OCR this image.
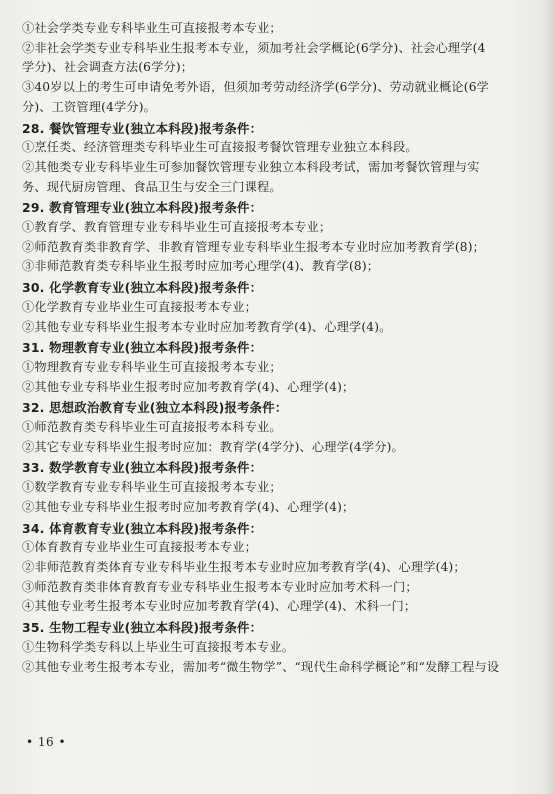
①社会学类专业专科毕业生可直接报考本专业；

②非社会学类专业专科毕业生报考本专业，须加考社会学概论(6学分)、社会心理学(4

学分)、社会调查方法(6学分)；

③40岁以上的考生可申请免考外语，但须加考劳动经济学(6学分)、劳动就业概论(6学

分)、工资管理(4学分)。

28. 餐饮管理专业(独立本科段)报考条件：

①烹任类、经济管理类专科毕业生可直接报考餐饮管理专业独立本科段。

②其他类专业专科毕业生可参加餐饮管理专业独立本科段考试，需加考餐饮管理与实

务、现代厨房管理、食品卫生与安全三门课程。

29. 教育管理专业(独立本科段)报考条件：

①教育学、教育管理专业专科毕业生可直接报考本专业；

②师范教育类非教育学、非教育管理专业专科毕业生报考本专业时应加考教育学(8)；

③非师范教育类专科毕业生报考时应加考心理学(4)、教育学(8)；

30. 化学教育专业(独立本科段)报考条件：

①化学教育专业毕业生可直接报考本专业；

②其他专业专科毕业生报考本专业时应加考教育学(4)、心理学(4)。

31. 物理教育专业(独立本科段)报考条件：

①物理教育专业专科毕业生可直接报考本专业；

②其他专业专科毕业生报考时应加考教育学(4)、心理学(4)；

32. 思想政治教育专业(独立本科段)报考条件：

①师范教育类专科毕业生可直接报考本科专业。

②其它专业专科毕业生报考时应加：教育学(4学分)、心理学(4学分)。

33. 数学教育专业(独立本科段)报考条件：

①数学教育专业专科毕业生可直接报考本专业；

②其他专业专科毕业生报考时应加考教育学(4)、心理学(4)；

34. 体育教育专业(独立本科段)报考条件：

①体育教育专业毕业生可直接报考本专业；

②非师范教育类体育专业专科毕业生报考本专业时应加考教育学(4)、心理学(4)；

③师范教育类非体育教育专业专科毕业生报考本专业时应加考术科一门；

④其他专业考生报考本专业时应加考教育学(4)、心理学(4)、术科一门；

35. 生物工程专业(独立本科段)报考条件：

①生物科学类专科以上毕业生可直接报考本专业。

②其他专业考生报考本专业，需加考“微生物学”、“现代生命科学概论”和“发酵工程与设

• 16 •
